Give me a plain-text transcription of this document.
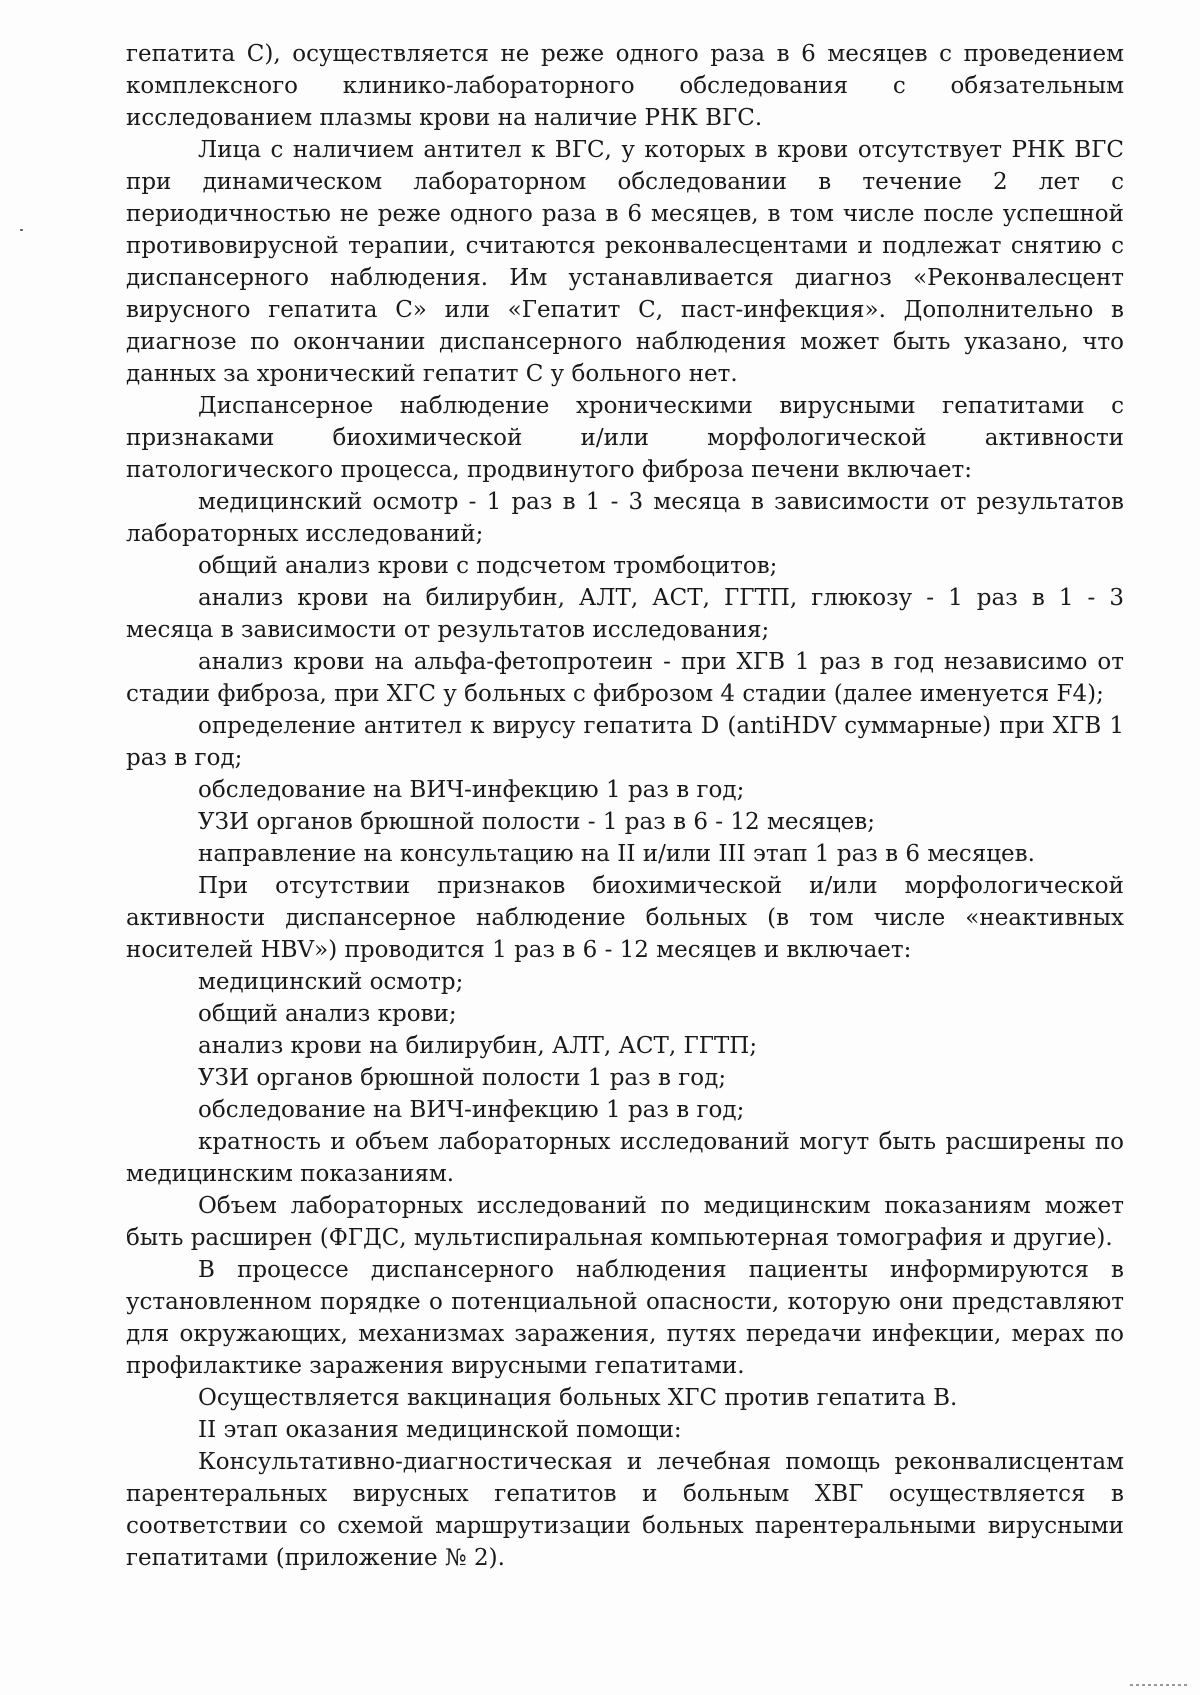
гепатита С), осуществляется не реже одного раза в 6 месяцев с проведением комплексного клинико-лабораторного обследования с обязательным исследованием плазмы крови на наличие РНК ВГС.

Лица с наличием антител к ВГС, у которых в крови отсутствует РНК ВГС при динамическом лабораторном обследовании в течение 2 лет с периодичностью не реже одного раза в 6 месяцев, в том числе после успешной противовирусной терапии, считаются реконвалесцентами и подлежат снятию с диспансерного наблюдения. Им устанавливается диагноз «Реконвалесцент вирусного гепатита С» или «Гепатит С, паст-инфекция». Дополнительно в диагнозе по окончании диспансерного наблюдения может быть указано, что данных за хронический гепатит С у больного нет.

Диспансерное наблюдение хроническими вирусными гепатитами с признаками биохимической и/или морфологической активности патологического процесса, продвинутого фиброза печени включает:

медицинский осмотр - 1 раз в 1 - 3 месяца в зависимости от результатов лабораторных исследований;

общий анализ крови с подсчетом тромбоцитов;

анализ крови на билирубин, АЛТ, АСТ, ГГТП, глюкозу - 1 раз в 1 - 3 месяца в зависимости от результатов исследования;

анализ крови на альфа-фетопротеин - при ХГВ 1 раз в год независимо от стадии фиброза, при ХГС у больных с фиброзом 4 стадии (далее именуется F4);

определение антител к вирусу гепатита D (antiHDV суммарные) при ХГВ 1 раз в год;

обследование на ВИЧ-инфекцию 1 раз в год;

УЗИ органов брюшной полости - 1 раз в 6 - 12 месяцев;

направление на консультацию на II и/или III этап 1 раз в 6 месяцев.

При отсутствии признаков биохимической и/или морфологической активности диспансерное наблюдение больных (в том числе «неактивных носителей HBV») проводится 1 раз в 6 - 12 месяцев и включает:

медицинский осмотр;

общий анализ крови;

анализ крови на билирубин, АЛТ, АСТ, ГГТП;

УЗИ органов брюшной полости 1 раз в год;

обследование на ВИЧ-инфекцию 1 раз в год;

кратность и объем лабораторных исследований могут быть расширены по медицинским показаниям.

Объем лабораторных исследований по медицинским показаниям может быть расширен (ФГДС, мультиспиральная компьютерная томография и другие).

В процессе диспансерного наблюдения пациенты информируются в установленном порядке о потенциальной опасности, которую они представляют для окружающих, механизмах заражения, путях передачи инфекции, мерах по профилактике заражения вирусными гепатитами.

Осуществляется вакцинация больных ХГС против гепатита В.

II этап оказания медицинской помощи:

Консультативно-диагностическая и лечебная помощь реконвалисцентам парентеральных вирусных гепатитов и больным ХВГ осуществляется в соответствии со схемой маршрутизации больных парентеральными вирусными гепатитами (приложение № 2).
